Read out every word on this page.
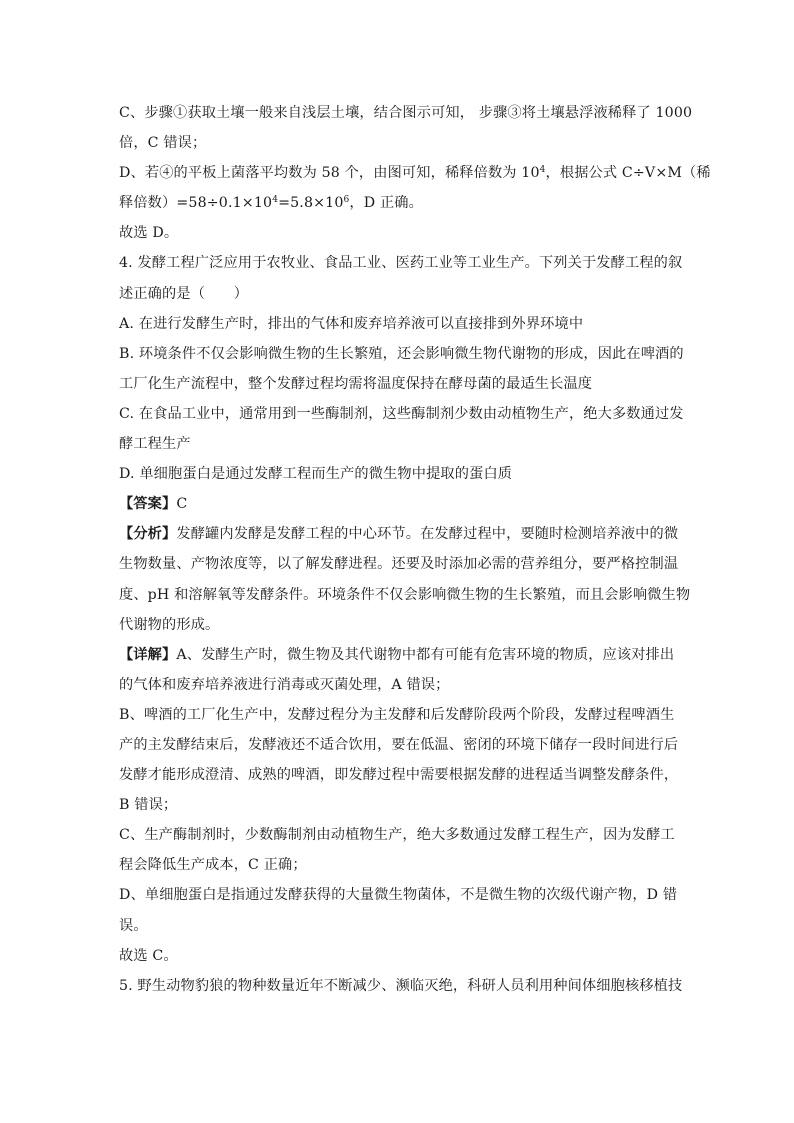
C、步骤①获取土壤一般来自浅层土壤，结合图示可知， 步骤③将土壤悬浮液稀释了 1000
倍，C 错误；
D、若④的平板上菌落平均数为 58 个，由图可知，稀释倍数为 $10^4$，根据公式 C÷V×M（稀
释倍数）$=58\div 0.1\times 10^4=5.8\times 10^6$，D 正确。
故选 D。
4. 发酵工程广泛应用于农牧业、食品工业、医药工业等工业生产。下列关于发酵工程的叙
述正确的是（　　）
A. 在进行发酵生产时，排出的气体和废弃培养液可以直接排到外界环境中
B. 环境条件不仅会影响微生物的生长繁殖，还会影响微生物代谢物的形成，因此在啤酒的
工厂化生产流程中，整个发酵过程均需将温度保持在酵母菌的最适生长温度
C. 在食品工业中，通常用到一些酶制剂，这些酶制剂少数由动植物生产，绝大多数通过发
酵工程生产
D. 单细胞蛋白是通过发酵工程而生产的微生物中提取的蛋白质
【答案】C
【分析】发酵罐内发酵是发酵工程的中心环节。在发酵过程中，要随时检测培养液中的微
生物数量、产物浓度等，以了解发酵进程。还要及时添加必需的营养组分，要严格控制温
度、pH 和溶解氧等发酵条件。环境条件不仅会影响微生物的生长繁殖，而且会影响微生物
代谢物的形成。
【详解】A、发酵生产时，微生物及其代谢物中都有可能有危害环境的物质，应该对排出
的气体和废弃培养液进行消毒或灭菌处理，A 错误；
B、啤酒的工厂化生产中，发酵过程分为主发酵和后发酵阶段两个阶段，发酵过程啤酒生
产的主发酵结束后，发酵液还不适合饮用，要在低温、密闭的环境下储存一段时间进行后
发酵才能形成澄清、成熟的啤酒，即发酵过程中需要根据发酵的进程适当调整发酵条件，
B 错误；
C、生产酶制剂时，少数酶制剂由动植物生产，绝大多数通过发酵工程生产，因为发酵工
程会降低生产成本，C 正确；
D、单细胞蛋白是指通过发酵获得的大量微生物菌体，不是微生物的次级代谢产物，D 错
误。
故选 C。
5. 野生动物豹狼的物种数量近年不断减少、濒临灭绝，科研人员利用种间体细胞核移植技
